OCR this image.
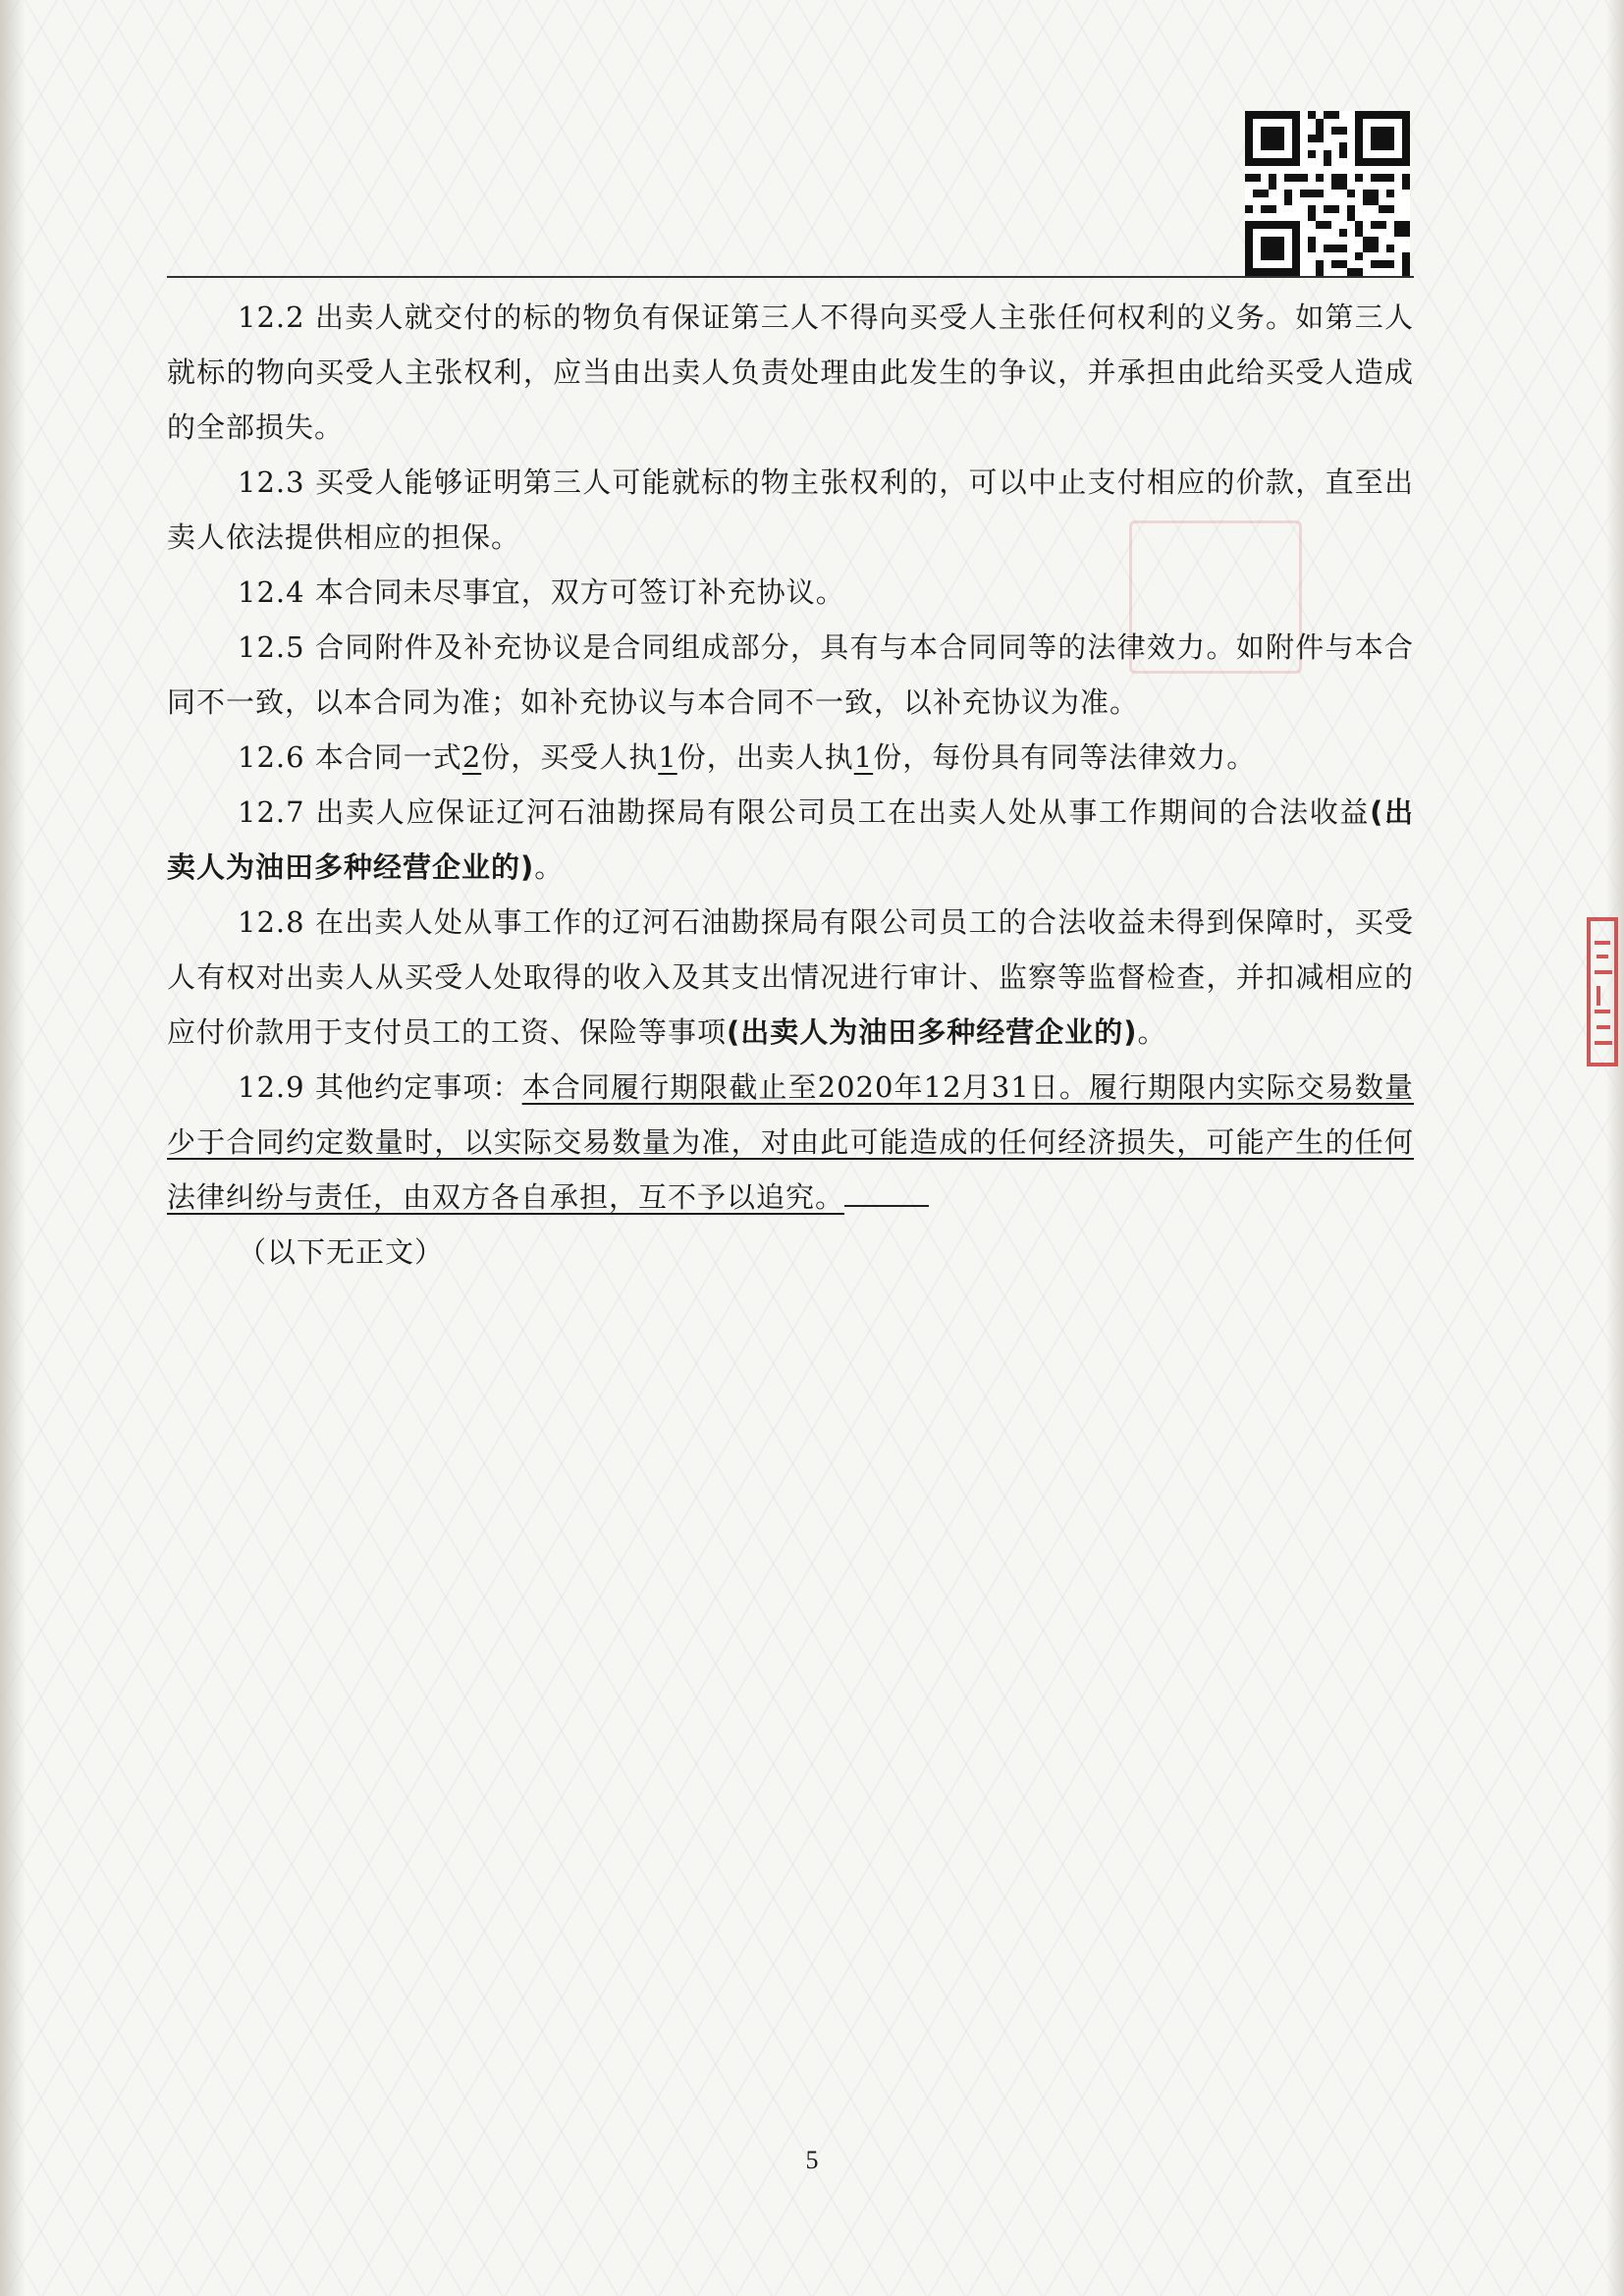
12.2 出卖人就交付的标的物负有保证第三人不得向买受人主张任何权利的义务。如第三人就标的物向买受人主张权利，应当由出卖人负责处理由此发生的争议，并承担由此给买受人造成的全部损失。

12.3 买受人能够证明第三人可能就标的物主张权利的，可以中止支付相应的价款，直至出卖人依法提供相应的担保。

12.4 本合同未尽事宜，双方可签订补充协议。

12.5 合同附件及补充协议是合同组成部分，具有与本合同同等的法律效力。如附件与本合同不一致，以本合同为准；如补充协议与本合同不一致，以补充协议为准。

12.6 本合同一式2份，买受人执1份，出卖人执1份，每份具有同等法律效力。

12.7 出卖人应保证辽河石油勘探局有限公司员工在出卖人处从事工作期间的合法收益(出卖人为油田多种经营企业的)。

12.8 在出卖人处从事工作的辽河石油勘探局有限公司员工的合法收益未得到保障时，买受人有权对出卖人从买受人处取得的收入及其支出情况进行审计、监察等监督检查，并扣减相应的应付价款用于支付员工的工资、保险等事项(出卖人为油田多种经营企业的)。

12.9 其他约定事项：本合同履行期限截止至2020年12月31日。履行期限内实际交易数量少于合同约定数量时，以实际交易数量为准，对由此可能造成的任何经济损失，可能产生的任何法律纠纷与责任，由双方各自承担，互不予以追究。

（以下无正文）

5
